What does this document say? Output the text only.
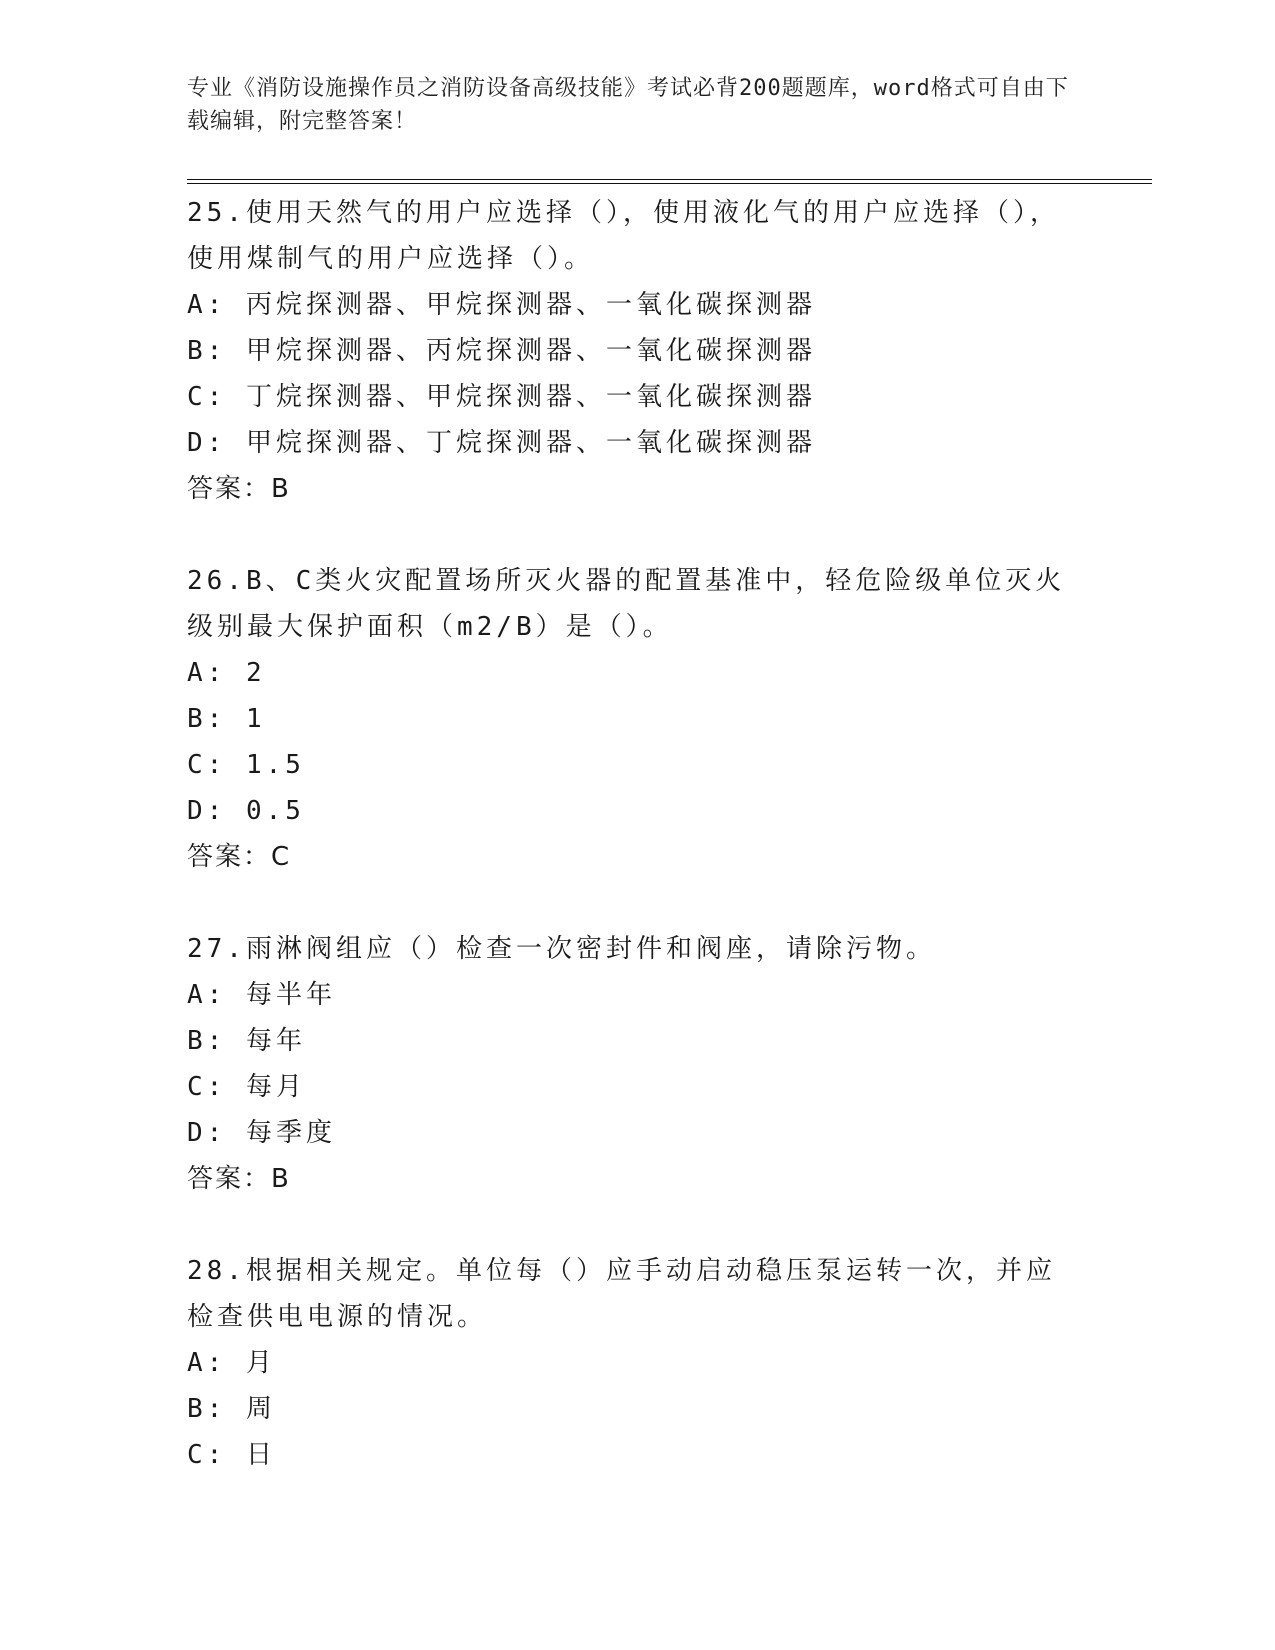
专业《消防设施操作员之消防设备高级技能》考试必背200题题库，word格式可自由下载编辑，附完整答案！
25.使用天然气的用户应选择（），使用液化气的用户应选择（），使用煤制气的用户应选择（）。
A: 丙烷探测器、甲烷探测器、一氧化碳探测器
B: 甲烷探测器、丙烷探测器、一氧化碳探测器
C: 丁烷探测器、甲烷探测器、一氧化碳探测器
D: 甲烷探测器、丁烷探测器、一氧化碳探测器
答案：B
26.B、C类火灾配置场所灭火器的配置基准中，轻危险级单位灭火级别最大保护面积（m2/B）是（）。
A: 2
B: 1
C: 1.5
D: 0.5
答案：C
27.雨淋阀组应（）检查一次密封件和阀座，请除污物。
A: 每半年
B: 每年
C: 每月
D: 每季度
答案：B
28.根据相关规定。单位每（）应手动启动稳压泵运转一次，并应检查供电电源的情况。
A: 月
B: 周
C: 日
